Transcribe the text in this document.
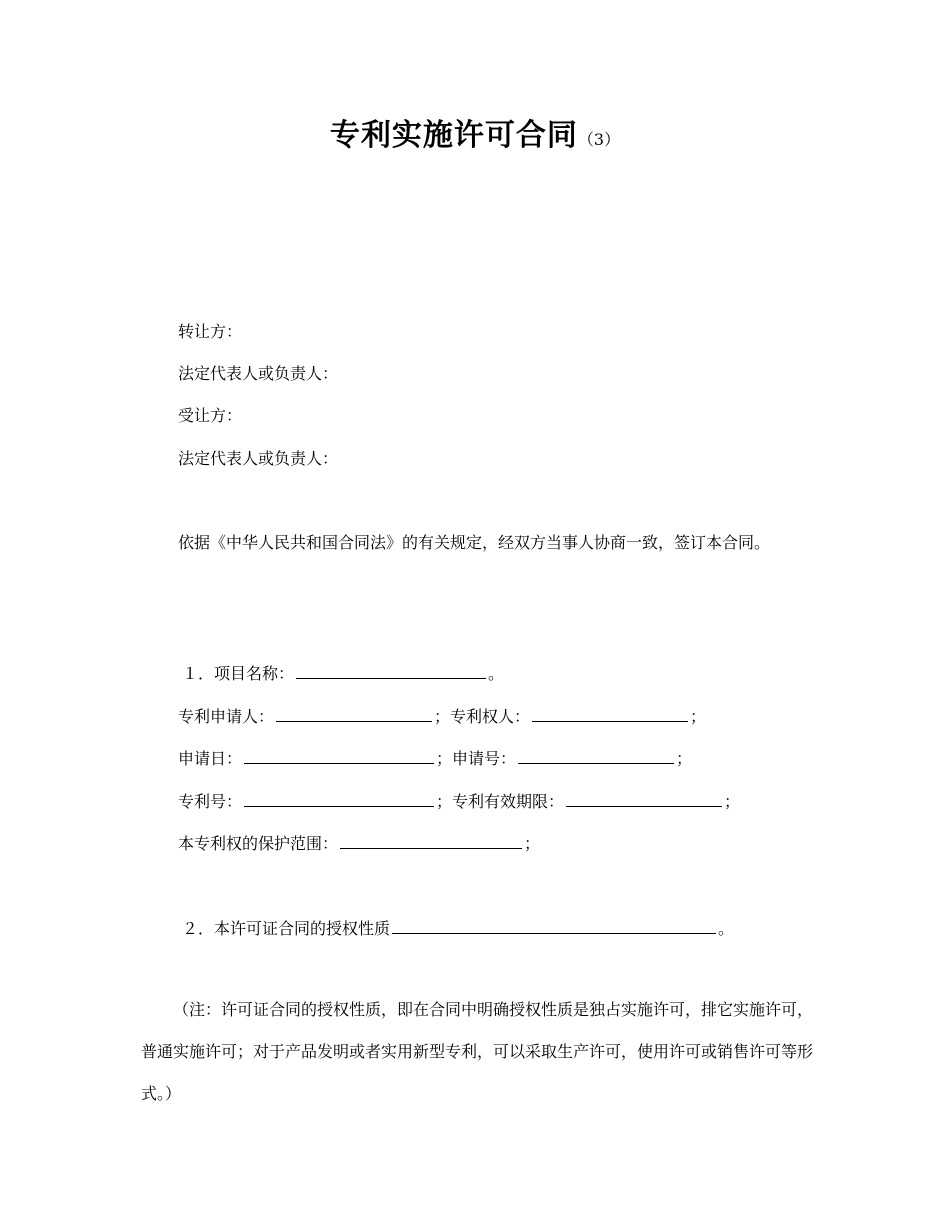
专利实施许可合同（3）
转让方：
法定代表人或负责人：
受让方：
法定代表人或负责人：
依据《中华人民共和国合同法》的有关规定，经双方当事人协商一致，签订本合同。
１．项目名称：	。
专利申请人：	；专利权人：	；
申请日：	；申请号：	；
专利号：	；专利有效期限：	；
本专利权的保护范围：	；
２．本许可证合同的授权性质	。
（注：许可证合同的授权性质，即在合同中明确授权性质是独占实施许可，排它实施许可，普通实施许可；对于产品发明或者实用新型专利，可以采取生产许可，使用许可或销售许可等形式。）
